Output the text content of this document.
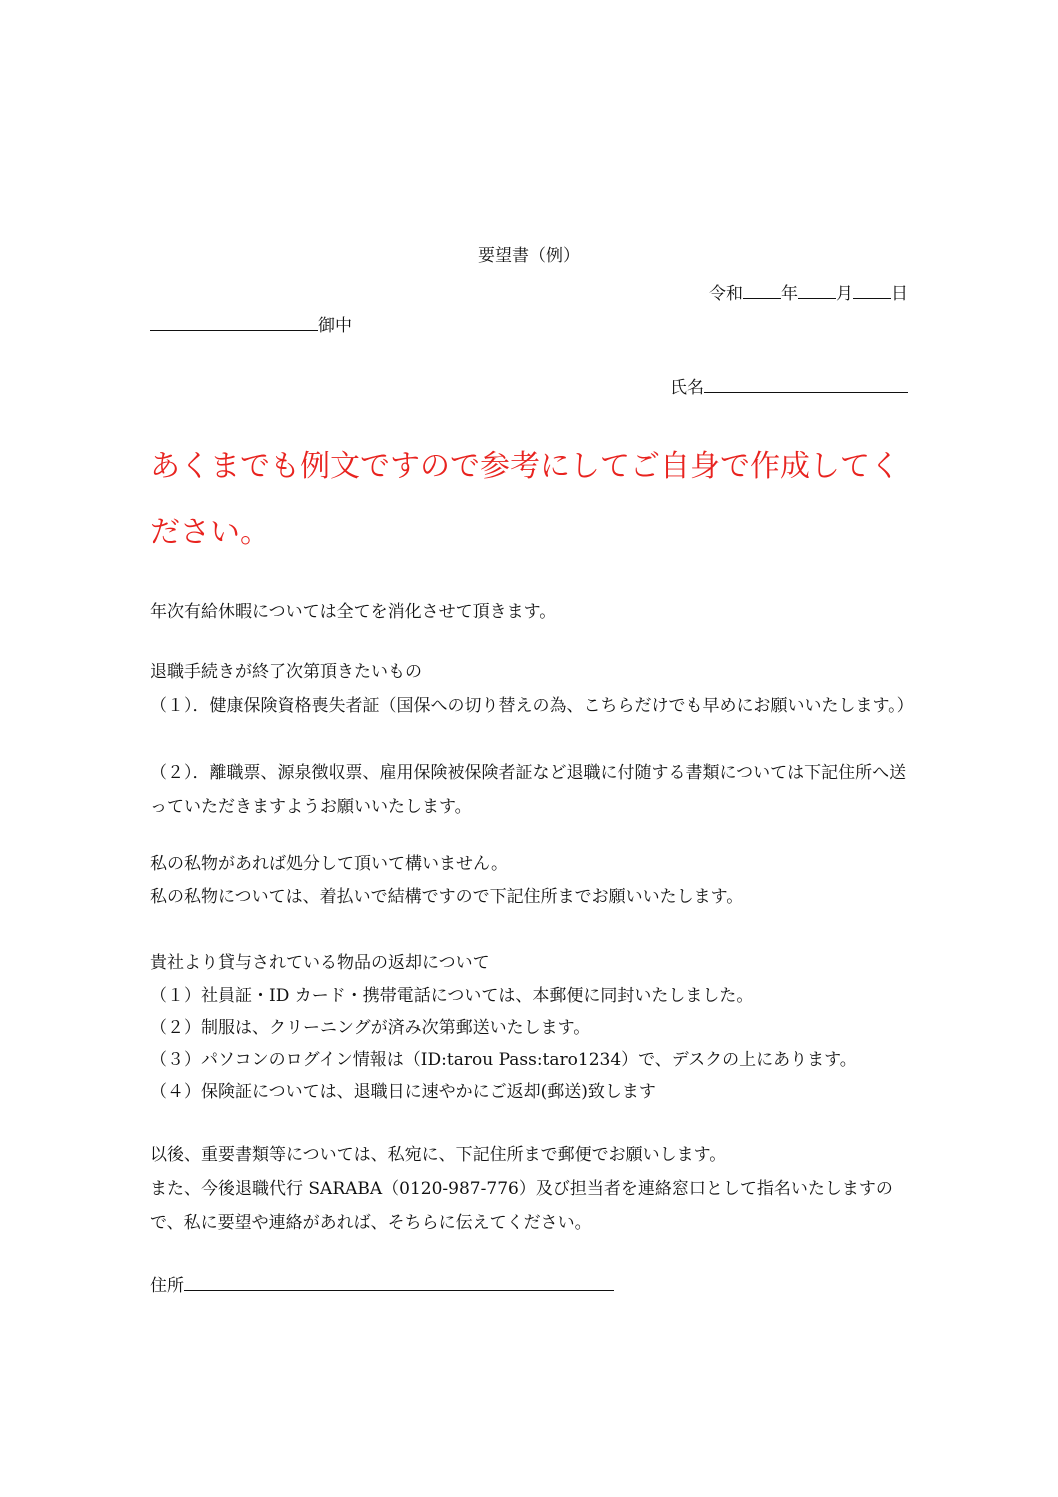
要望書（例）
令和 年 月 日
御中
氏名
あくまでも例文ですので参考にしてご自身で作成してください。
年次有給休暇については全てを消化させて頂きます。
退職手続きが終了次第頂きたいもの
（１）．健康保険資格喪失者証（国保への切り替えの為、こちらだけでも早めにお願いいたします。）
（２）．離職票、源泉徴収票、雇用保険被保険者証など退職に付随する書類については下記住所へ送っていただきますようお願いいたします。
私の私物があれば処分して頂いて構いません。
私の私物については、着払いで結構ですので下記住所までお願いいたします。
貴社より貸与されている物品の返却について
（１）社員証・ID カード・携帯電話については、本郵便に同封いたしました。
（２）制服は、クリーニングが済み次第郵送いたします。
（３）パソコンのログイン情報は（ID:tarou Pass:taro1234）で、デスクの上にあります。
（４）保険証については、退職日に速やかにご返却(郵送)致します
以後、重要書類等については、私宛に、下記住所まで郵便でお願いします。
また、今後退職代行 SARABA（0120-987-776）及び担当者を連絡窓口として指名いたしますので、私に要望や連絡があれば、そちらに伝えてください。
住所
